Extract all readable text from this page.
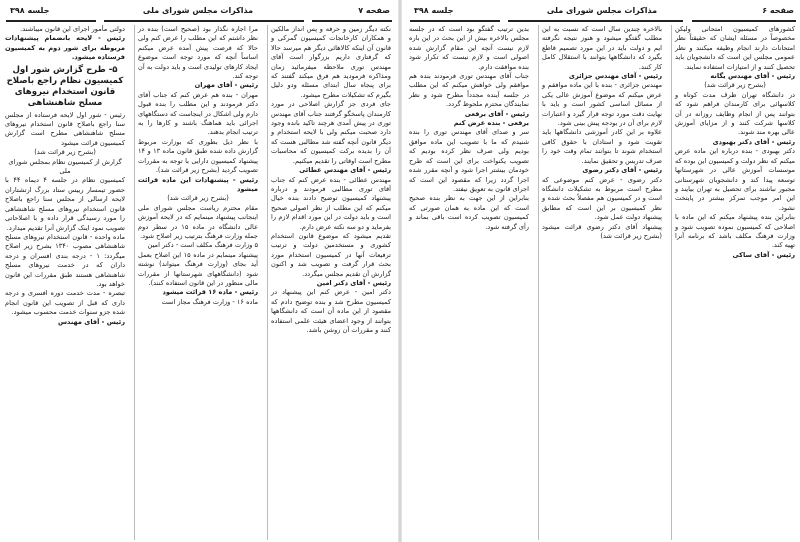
صفحه ۷
مذاکرات مجلس شورای ملی
جلسه ۳۹۸

نکته دیگر زمین و حرفه و پس انداز مالکین و همکاران کارخانجات کمیسیون گمرکی و قانون آن اینکه کالاهائی دیگر هم میرسد حالا که گرفتاری داریم بزرگوار است آقای مهندس توری ملاحظه میفرمائید زمان ومذاکره فرمودید هم فرق میکند گفتند که برای پنجاه سال ابتدای مسئله ودو دلیل بگیرم که تشکیلات مطرح میشود.

جای فردی جز گزارش اصلاحی در مورد کارمندان پاسخگو گرفتند جناب آقای مهندس توری در پیش آمدی هرچند تاکید بانده وجود دارد صحبت میکنم ولی با لایحه استخدام و دیگر قانون آنچه گفته شد مطالبی هست که آن را بدیده برکت کمیسیون که محاسبات مطرح است اوقاتی را تقدیم میکنیم.

رئیس - آقای مهندس عطائی

مهندس عطائی - بنده عرض کنم که جناب آقای توری مطالبی فرمودند و درباره پیشنهاد کمیسیون توضیح دادند بنده خیال میکنم که این مطلب از نظر اصولی صحیح است و باید دولت در این مورد اقدام لازم را بفرماید و دو سه نکته عرض دارم.

تقدیم میشود که موضوع قانون استخدام کشوری و مستخدمین دولت و ترتیب ترفیعات آنها در کمیسیون استخدام مورد بحث قرار گرفت و تصویب شد و اکنون گزارش آن تقدیم مجلس میگردد.

رئیس - آقای دکتر امین

دکتر امین - عرض کنم این پیشنهاد در کمیسیون مطرح شد و بنده توضیح دادم که مقصود از این ماده آن است که دانشگاهها بتوانند از وجود اعضای هیئت علمی استفاده کنند و مقررات آن روشن باشد.

مرا اجاره نگذار بود (صحیح است) بنده در نظر داشتم که این مطلب را عرض کنم ولی حالا که فرصت پیش آمده عرض میکنم اساساً آنچه که مورد توجه است موضوع ایجاد کارهای تولیدی است و باید دولت به آن توجه کند.

رئیس - آقای مهران

مهران - بنده هم عرض کنم که جناب آقای دکتر فرمودند و این مطلب را بنده قبول دارم ولی اشکال در اینجاست که دستگاههای اجرائی باید هماهنگ باشند و کارها را به ترتیب انجام بدهند.

با نظر ذیل بطوری که بوزارت مربوط گزارش داده شده طبق قانون ماده ۱۳ و ۱۴ پیشنهاد کمیسیون دارایی با توجه به مقررات تصویب گردید (بشرح زیر قرائت شد).

رئیس - پیشنهادات این ماده قرائت میشود

(بشرح زیر قرائت شد)

مقام محترم ریاست مجلس شورای ملی اینجانب پیشنهاد مینمایم که در لایحه آموزش عالی دانشگاه در ماده ۱۵ در سطر دوم جمله وزارت فرهنگ بترتیب زیر اصلاح شود.

۵ وزارت فرهنگ مکلف است - دکتر امین

پیشنهاد مینمایم در ماده ۱۵ این اصلاح بعمل آید بجای (وزارت فرهنگ میتواند) نوشته شود (دانشگاههای شهرستانها از مقررات مالی منظور در این قانون استفاده کنند).

رئیس - ماده ۱۶ قرائت میشود

ماده ۱۶ - وزارت فرهنگ مجاز است

دولتی مأمور اجرای این قانون میباشند.

رئیس - لایحه بانضمام پیشنهادات مربوطه برای شور دوم به کمیسیون فرستاده میشود.

۵- طرح گزارش شور اول کمیسیون نظام راجع باصلاح قانون استخدام نیروهای مسلح شاهنشاهی

رئیس - شور اول لایحه فرستاده از مجلس سنا راجع باصلاح قانون استخدام نیروهای مسلح شاهنشاهی مطرح است گزارش کمیسیون قرائت میشود

(بشرح زیر قرائت شد)

گزارش از کمیسیون نظام بمجلس شورای ملی

کمیسیون نظام در جلسه ۴ دیماه ۴۴ با حضور تیمسار رییس ستاد بزرگ ارتشتاران لایحه ارسالی از مجلس سنا راجع باصلاح قانون استخدام نیروهای مسلح شاهنشاهی را مورد رسیدگی قرار داده و با اصلاحاتی تصویب نمود اینک گزارش آنرا تقدیم میدارد.

ماده واحده - قانون استخدام نیروهای مسلح شاهنشاهی مصوب ۱۳۴۰ بشرح زیر اصلاح میگردد: ۱ - درجه بندی افسران و درجه داران که در خدمت نیروهای مسلح شاهنشاهی هستند طبق مقررات این قانون خواهد بود.

تبصره - مدت خدمت دوره افسری و درجه داری که قبل از تصویب این قانون انجام شده جزو سنوات خدمت محسوب میشود.

رئیس - آقای مهندس

صفحه ۶
مذاکرات مجلس شورای ملی
جلسه ۳۹۸

کشورهای کمیسیون امتحانی ولیکن مخصوصاً در مسئله ایشان که حقیقتاً نظر امتحانات دارند انجام وظیفه میکنند و نظر عمومی مجلس این است که دانشجویان باید تحصیل کنند و از امتیازات استفاده نمایند.

رئیس - آقای مهندس یگانه

(بشرح زیر قرائت شد)

در دانشگاه تهران ظرف مدت کوتاه و کلاسهائی برای کارمندان فراهم شود که بتوانند پس از انجام وظایف روزانه در آن کلاسها شرکت کنند و از مزایای آموزش عالی بهره مند شوند.

رئیس - آقای دکتر بهبودی

دکتر بهبودی - بنده درباره این ماده عرض میکنم که نظر دولت و کمیسیون این بوده که موسسات آموزش عالی در شهرستانها توسعه پیدا کند و دانشجویان شهرستانی مجبور نباشند برای تحصیل به تهران بیایند و این امر موجب تمرکز بیشتر در پایتخت نشود.

بنابراین بنده پیشنهاد میکنم که این ماده با اصلاحی که کمیسیون نموده تصویب شود و وزارت فرهنگ مکلف باشد که برنامه آنرا تهیه کند.

رئیس - آقای ساکی

بالاخره چندین سال است که نسبت به این مطلب گفتگو میشود و هنوز نتیجه نگرفته ایم و دولت باید در این مورد تصمیم قاطع بگیرد که دانشگاهها بتوانند با استقلال کامل کار کنند.

رئیس - آقای مهندس جزائری

مهندس جزائری - بنده با این ماده موافقم و عرض میکنم که موضوع آموزش عالی یکی از مسائل اساسی کشور است و باید با نهایت دقت مورد توجه قرار گیرد و اعتبارات لازم برای آن در بودجه پیش بینی شود.

علاوه بر این کادر آموزشی دانشگاهها باید تقویت شود و استادان با حقوق کافی استخدام شوند تا بتوانند تمام وقت خود را صرف تدریس و تحقیق نمایند.

رئیس - آقای دکتر رضوی

دکتر رضوی - عرض کنم موضوعی که مطرح است مربوط به تشکیلات دانشگاه است و در کمیسیون هم مفصلاً بحث شده و نظر کمیسیون بر این است که مطابق پیشنهاد دولت عمل شود.

پیشنهاد آقای دکتر رضوی قرائت میشود (بشرح زیر قرائت شد)

بدین ترتیب گفتگو بود است که در جلسه مجلس بالاخره بیش از این بحث در این باره لازم نیست آنچه این مقام گزارش شده اصولی است و لازم نیست که تکرار شود بنده موافقت دارم.

جناب آقای مهندس توری فرمودند بنده هم موافقم ولی خواهش میکنم که این مطلب در جلسه آینده مجدداً مطرح شود و نظر نمایندگان محترم ملحوظ گردد.

رئیس - آقای برقعی

برقعی - بنده عرض کنم

سر و صدای آقای مهندس توری را بنده شنیدم که ما با تصویب این ماده موافق بودیم ولی صرف نظر کرده بودیم که تصویب یکنواخت برای این است که طرح خودمان بیشتر اجرا شود و آنچه مقرر شده اجرا گردد زیرا که مقصود این است که اجرای قانون به تعویق نیفتد.

بنابراین از این جهت به نظر بنده صحیح است که این ماده به همان صورتی که کمیسیون تصویب کرده است باقی بماند و رأی گرفته شود.
